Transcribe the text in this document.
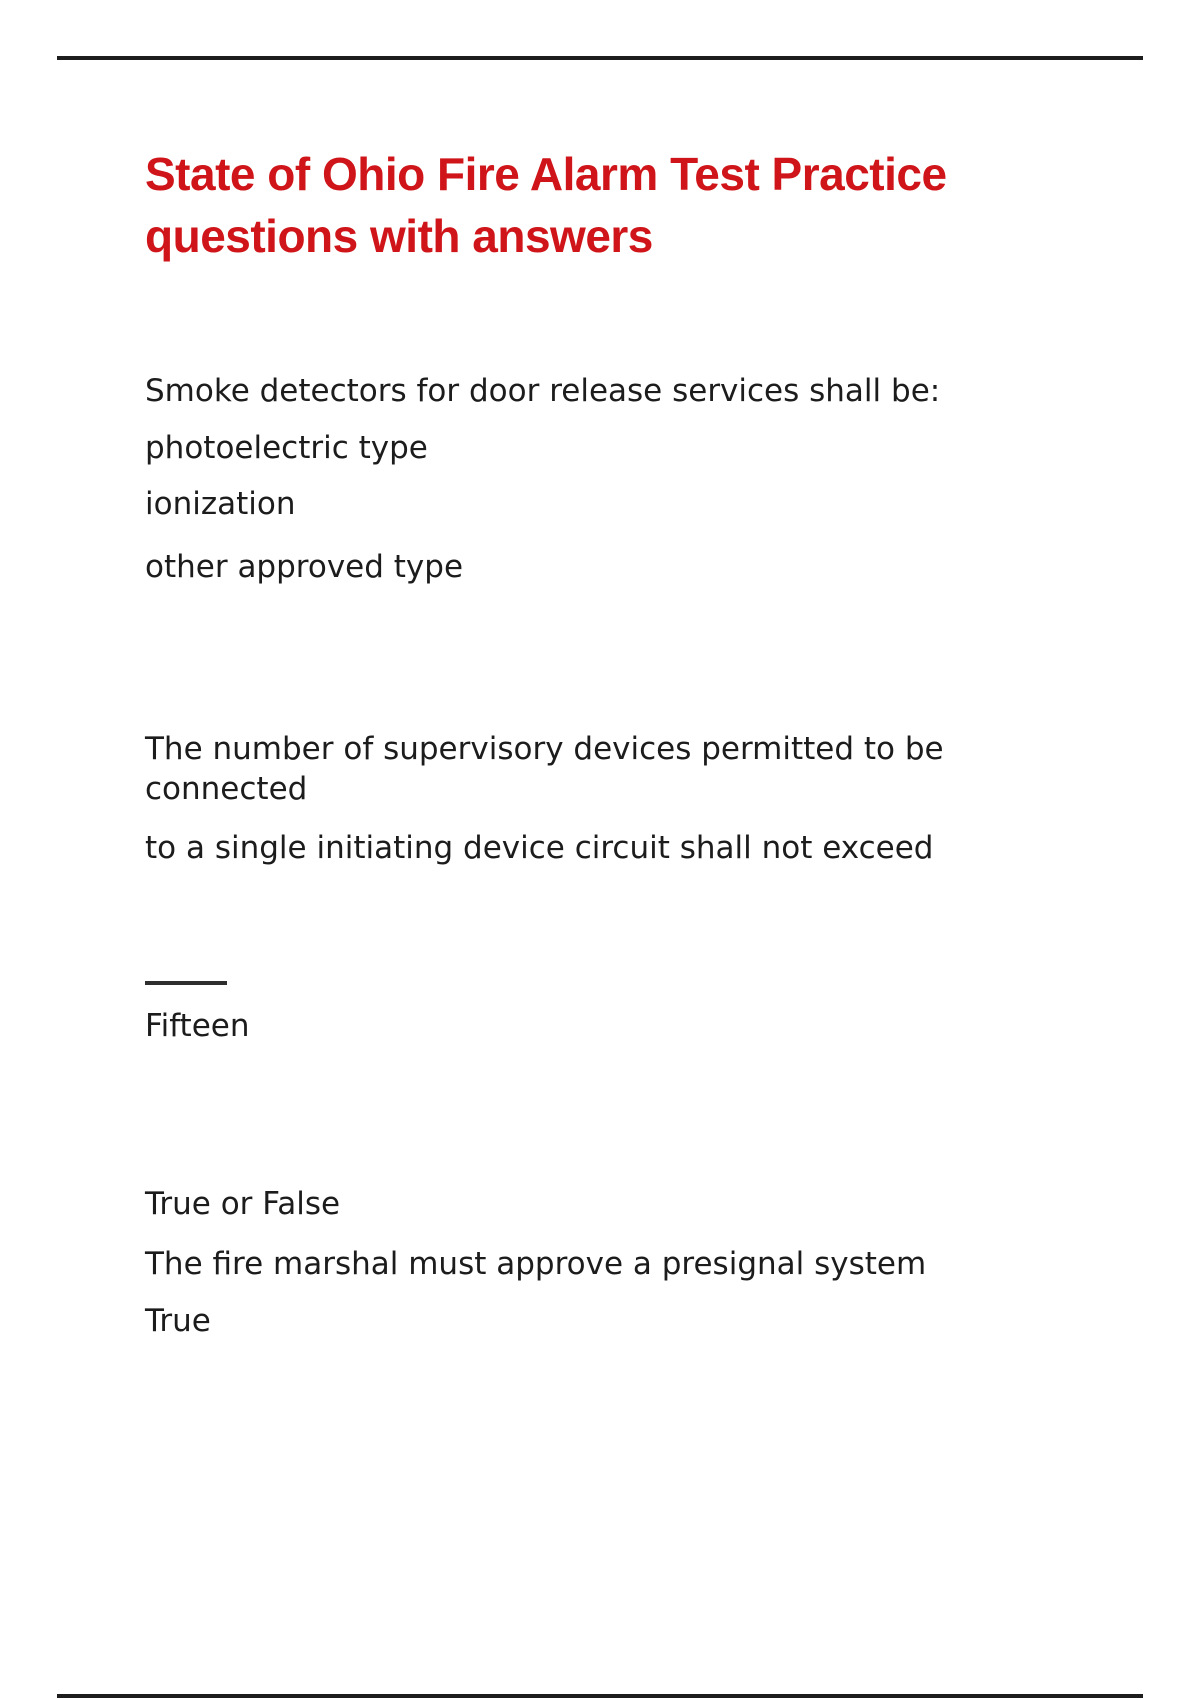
State of Ohio Fire Alarm Test Practice
questions with answers

Smoke detectors for door release services shall be:

photoelectric type

ionization

other approved type

The number of supervisory devices permitted to be

connected

to a single initiating device circuit shall not exceed

Fifteen

True or False

The fire marshal must approve a presignal system

True
